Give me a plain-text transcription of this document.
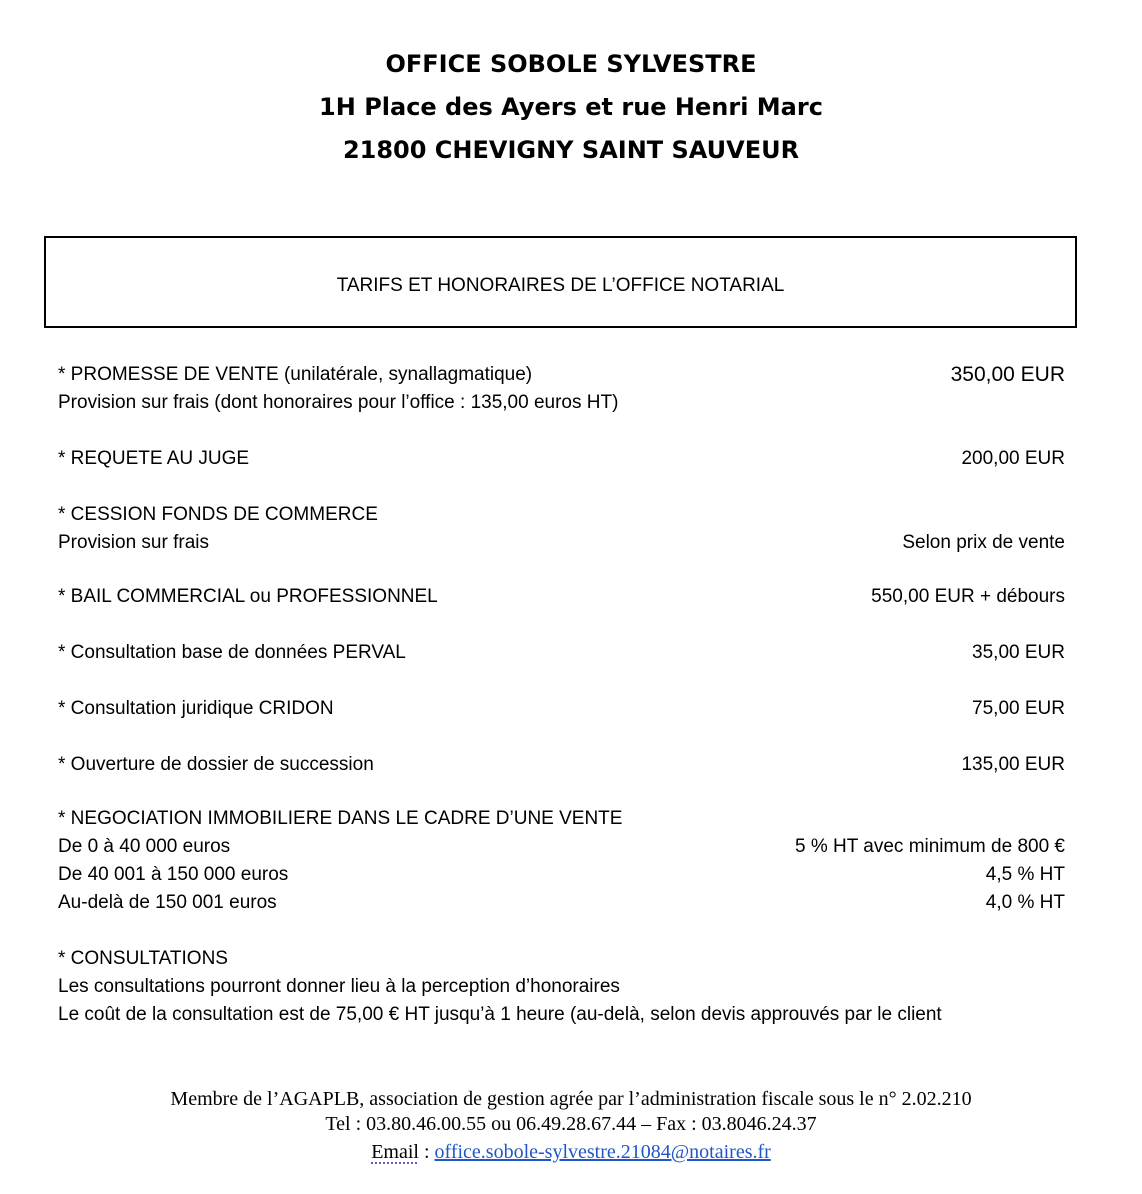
OFFICE SOBOLE SYLVESTRE
1H Place des Ayers et rue Henri Marc
21800 CHEVIGNY SAINT SAUVEUR
TARIFS ET HONORAIRES DE L’OFFICE NOTARIAL
* PROMESSE DE VENTE (unilatérale, synallagmatique)	350,00 EUR
Provision sur frais (dont honoraires pour l’office : 135,00 euros HT)
* REQUETE AU JUGE	200,00 EUR
* CESSION FONDS DE COMMERCE
Provision sur frais	Selon prix de vente
* BAIL COMMERCIAL ou PROFESSIONNEL	550,00 EUR + débours
* Consultation base de données PERVAL	35,00 EUR
* Consultation juridique CRIDON	75,00 EUR
* Ouverture de dossier de succession	135,00 EUR
* NEGOCIATION IMMOBILIERE DANS LE CADRE D’UNE VENTE
De 0 à 40 000 euros	5 % HT avec minimum de 800 €
De 40 001 à 150 000 euros	4,5 % HT
Au-delà de 150 001 euros	4,0 % HT
* CONSULTATIONS
Les consultations pourront donner lieu à la perception d’honoraires
Le coût de la consultation est de 75,00 € HT jusqu’à 1 heure (au-delà, selon devis approuvés par le client
Membre de l’AGAPLB, association de gestion agrée par l’administration fiscale sous le n° 2.02.210
Tel : 03.80.46.00.55 ou 06.49.28.67.44 – Fax : 03.8046.24.37
Email : office.sobole-sylvestre.21084@notaires.fr
